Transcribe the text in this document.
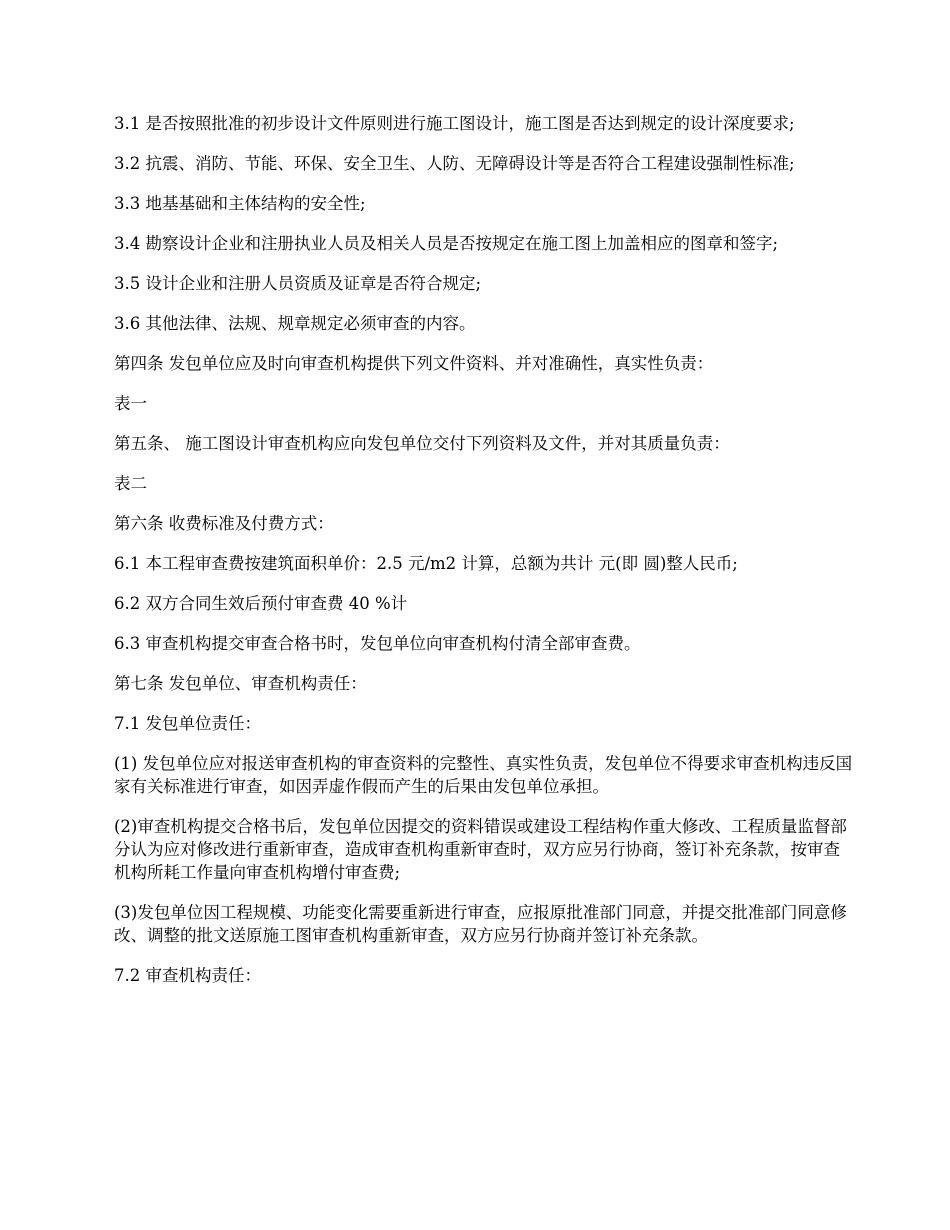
3.1 是否按照批准的初步设计文件原则进行施工图设计，施工图是否达到规定的设计深度要求;

3.2 抗震、消防、节能、环保、安全卫生、人防、无障碍设计等是否符合工程建设强制性标准;

3.3 地基基础和主体结构的安全性;

3.4 勘察设计企业和注册执业人员及相关人员是否按规定在施工图上加盖相应的图章和签字;

3.5 设计企业和注册人员资质及证章是否符合规定;

3.6 其他法律、法规、规章规定必须审查的内容。

第四条 发包单位应及时向审查机构提供下列文件资料、并对准确性，真实性负责：

表一

第五条、 施工图设计审查机构应向发包单位交付下列资料及文件，并对其质量负责：

表二

第六条 收费标准及付费方式：

6.1 本工程审查费按建筑面积单价：2.5 元/m2 计算，总额为共计 元(即 圆)整人民币;

6.2 双方合同生效后预付审查费 40 %计

6.3 审查机构提交审查合格书时，发包单位向审查机构付清全部审查费。

第七条 发包单位、审查机构责任：

7.1 发包单位责任：

(1) 发包单位应对报送审查机构的审查资料的完整性、真实性负责，发包单位不得要求审查机构违反国家有关标准进行审查，如因弄虚作假而产生的后果由发包单位承担。

(2)审查机构提交合格书后，发包单位因提交的资料错误或建设工程结构作重大修改、工程质量监督部分认为应对修改进行重新审查，造成审查机构重新审查时，双方应另行协商，签订补充条款，按审查机构所耗工作量向审查机构增付审查费;

(3)发包单位因工程规模、功能变化需要重新进行审查，应报原批准部门同意，并提交批准部门同意修改、调整的批文送原施工图审查机构重新审查，双方应另行协商并签订补充条款。

7.2 审查机构责任：
